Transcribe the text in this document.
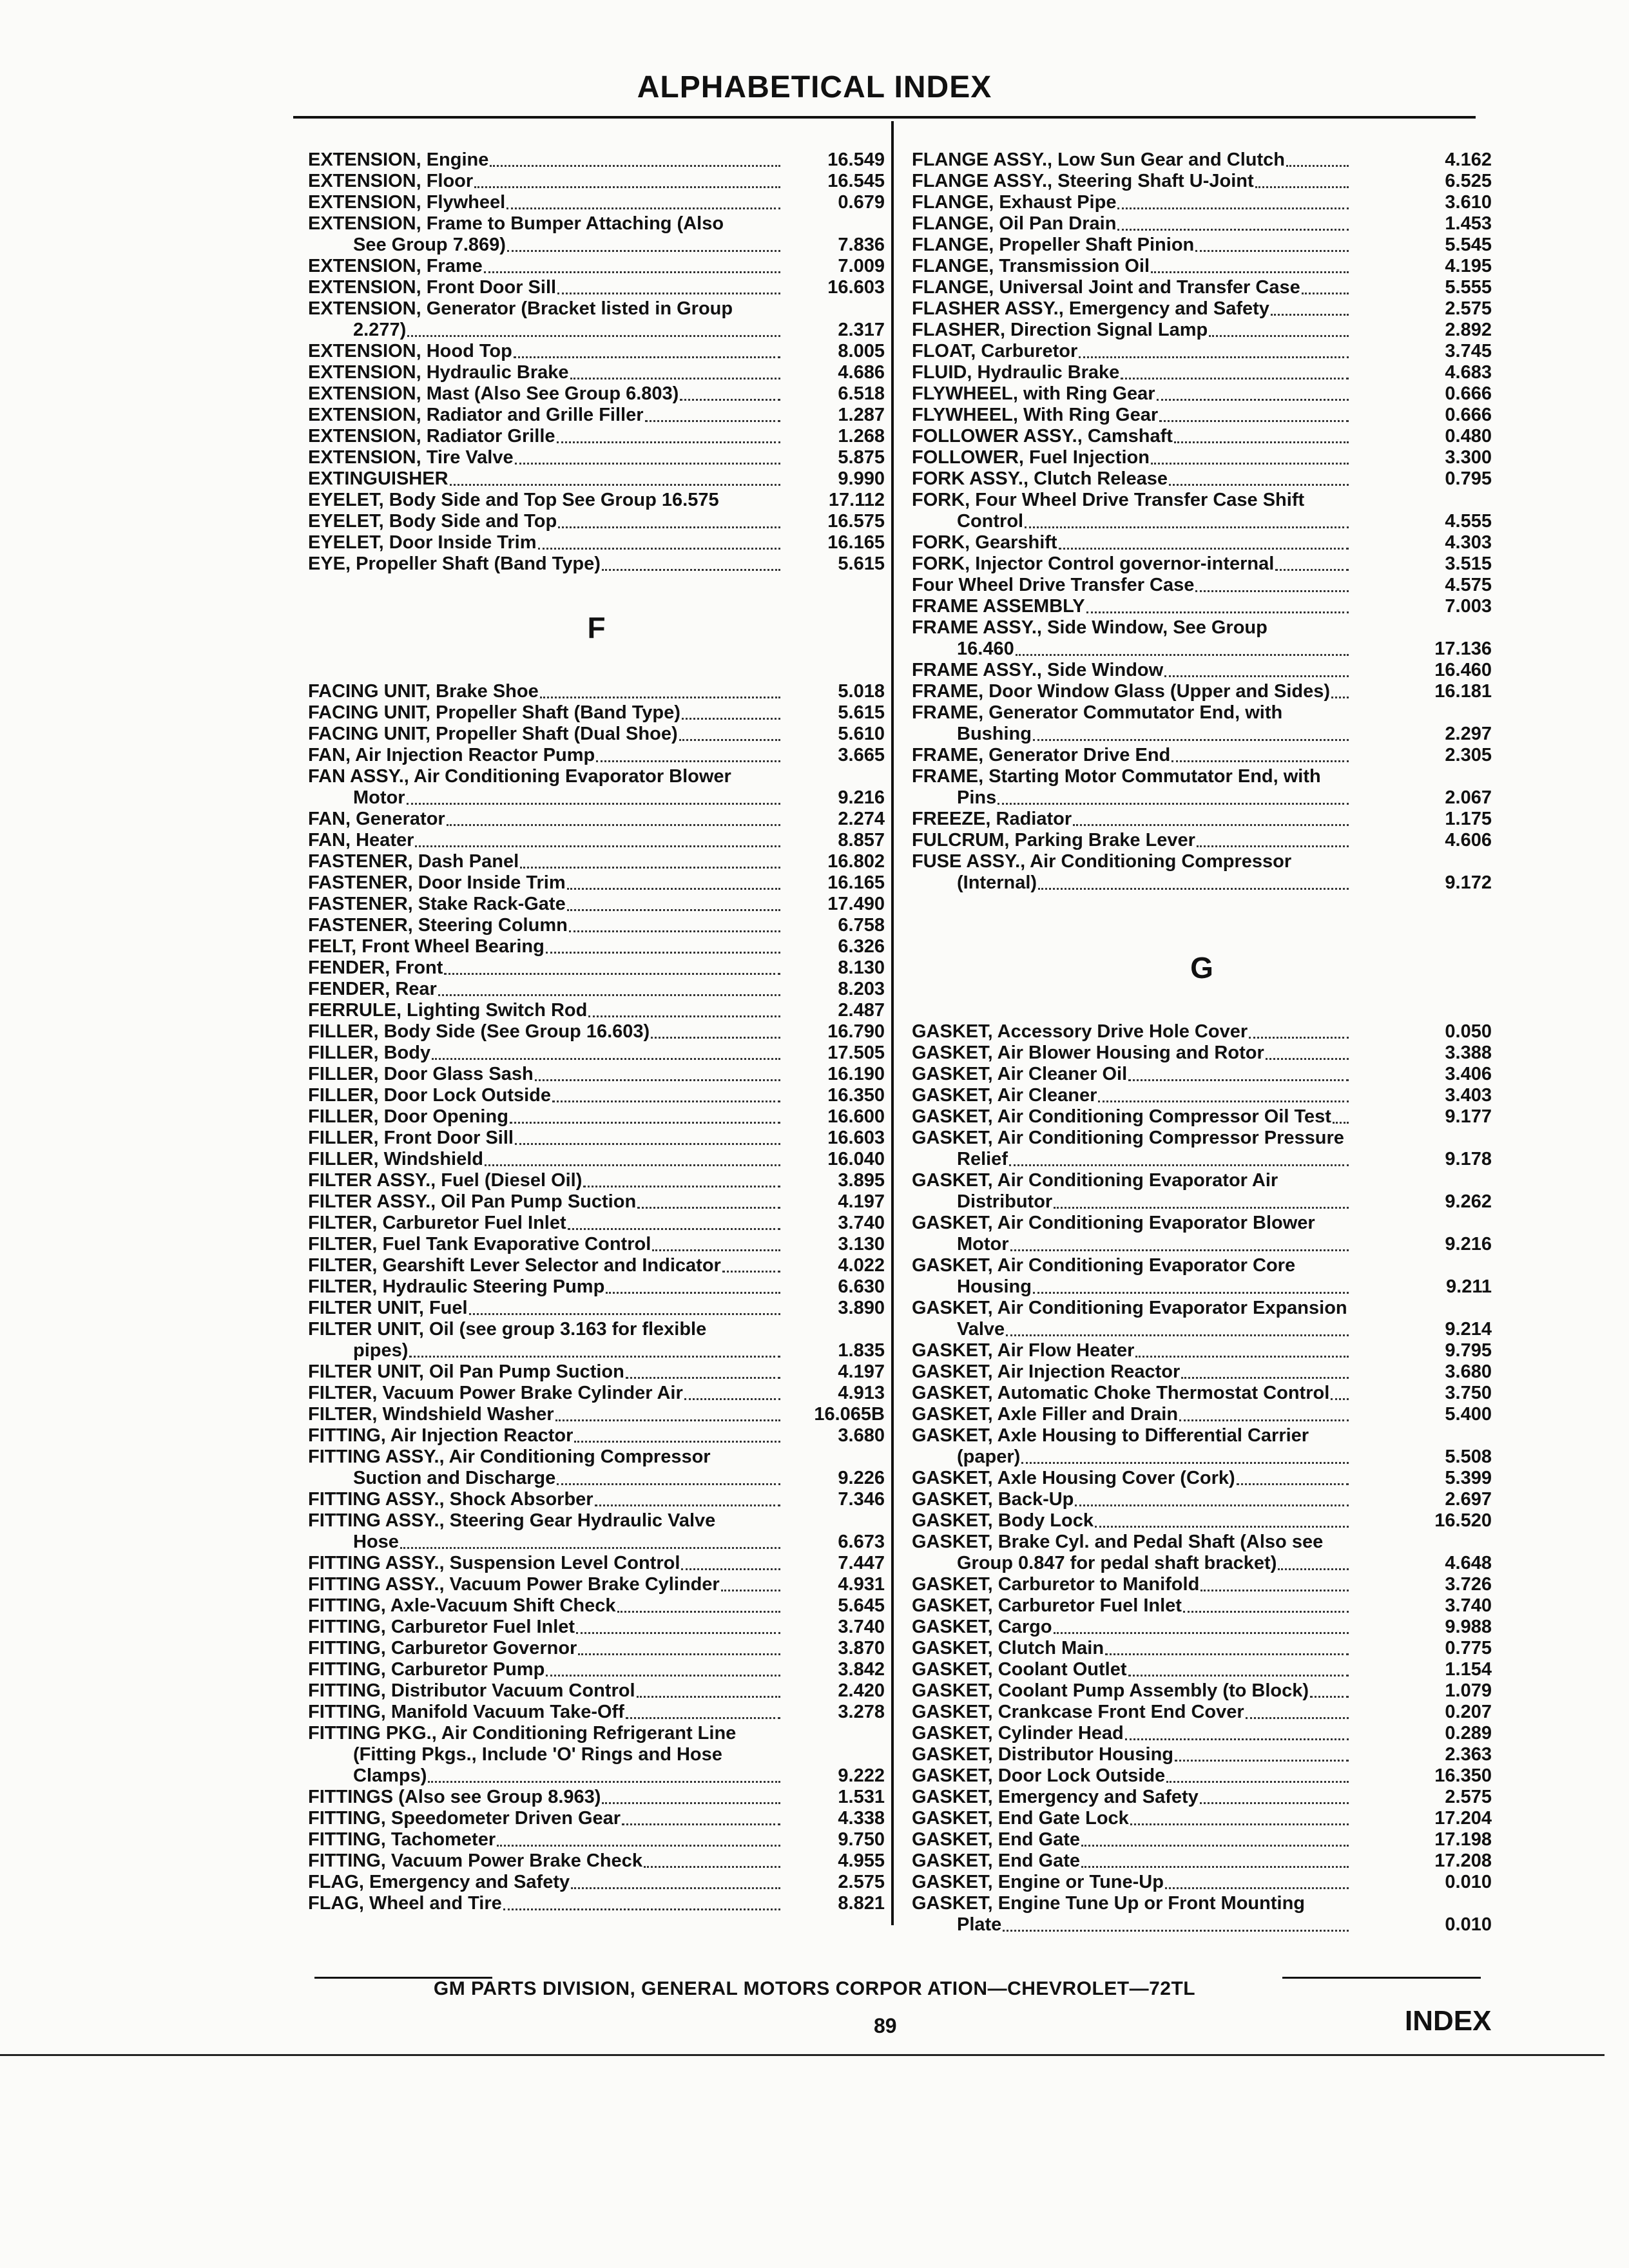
ALPHABETICAL INDEX
EXTENSION, Engine	16.549
EXTENSION, Floor	16.545
EXTENSION, Flywheel	0.679
EXTENSION, Frame to Bumper Attaching (Also
See Group 7.869)	7.836
EXTENSION, Frame	7.009
EXTENSION, Front Door Sill	16.603
EXTENSION, Generator (Bracket listed in Group
2.277)	2.317
EXTENSION, Hood Top	8.005
EXTENSION, Hydraulic Brake	4.686
EXTENSION, Mast (Also See Group 6.803)	6.518
EXTENSION, Radiator and Grille Filler	1.287
EXTENSION, Radiator Grille	1.268
EXTENSION, Tire Valve	5.875
EXTINGUISHER	9.990
EYELET, Body Side and Top See Group 16.575	17.112
EYELET, Body Side and Top	16.575
EYELET, Door Inside Trim	16.165
EYE, Propeller Shaft (Band Type)	5.615
F
FACING UNIT, Brake Shoe	5.018
FACING UNIT, Propeller Shaft (Band Type)	5.615
FACING UNIT, Propeller Shaft (Dual Shoe)	5.610
FAN, Air Injection Reactor Pump	3.665
FAN ASSY., Air Conditioning Evaporator Blower
Motor	9.216
FAN, Generator	2.274
FAN, Heater	8.857
FASTENER, Dash Panel	16.802
FASTENER, Door Inside Trim	16.165
FASTENER, Stake Rack-Gate	17.490
FASTENER, Steering Column	6.758
FELT, Front Wheel Bearing	6.326
FENDER, Front	8.130
FENDER, Rear	8.203
FERRULE, Lighting Switch Rod	2.487
FILLER, Body Side (See Group 16.603)	16.790
FILLER, Body	17.505
FILLER, Door Glass Sash	16.190
FILLER, Door Lock Outside	16.350
FILLER, Door Opening	16.600
FILLER, Front Door Sill	16.603
FILLER, Windshield	16.040
FILTER ASSY., Fuel (Diesel Oil)	3.895
FILTER ASSY., Oil Pan Pump Suction	4.197
FILTER, Carburetor Fuel Inlet	3.740
FILTER, Fuel Tank Evaporative Control	3.130
FILTER, Gearshift Lever Selector and Indicator	4.022
FILTER, Hydraulic Steering Pump	6.630
FILTER UNIT, Fuel	3.890
FILTER UNIT, Oil (see group 3.163 for flexible
pipes)	1.835
FILTER UNIT, Oil Pan Pump Suction	4.197
FILTER, Vacuum Power Brake Cylinder Air	4.913
FILTER, Windshield Washer	16.065B
FITTING, Air Injection Reactor	3.680
FITTING ASSY., Air Conditioning Compressor
Suction and Discharge	9.226
FITTING ASSY., Shock Absorber	7.346
FITTING ASSY., Steering Gear Hydraulic Valve
Hose	6.673
FITTING ASSY., Suspension Level Control	7.447
FITTING ASSY., Vacuum Power Brake Cylinder	4.931
FITTING, Axle-Vacuum Shift Check	5.645
FITTING, Carburetor Fuel Inlet	3.740
FITTING, Carburetor Governor	3.870
FITTING, Carburetor Pump	3.842
FITTING, Distributor Vacuum Control	2.420
FITTING, Manifold Vacuum Take-Off	3.278
FITTING PKG., Air Conditioning Refrigerant Line
(Fitting Pkgs., Include 'O' Rings and Hose
Clamps)	9.222
FITTINGS (Also see Group 8.963)	1.531
FITTING, Speedometer Driven Gear	4.338
FITTING, Tachometer	9.750
FITTING, Vacuum Power Brake Check	4.955
FLAG, Emergency and Safety	2.575
FLAG, Wheel and Tire	8.821
FLANGE ASSY., Low Sun Gear and Clutch	4.162
FLANGE ASSY., Steering Shaft U-Joint	6.525
FLANGE, Exhaust Pipe	3.610
FLANGE, Oil Pan Drain	1.453
FLANGE, Propeller Shaft Pinion	5.545
FLANGE, Transmission Oil	4.195
FLANGE, Universal Joint and Transfer Case	5.555
FLASHER ASSY., Emergency and Safety	2.575
FLASHER, Direction Signal Lamp	2.892
FLOAT, Carburetor	3.745
FLUID, Hydraulic Brake	4.683
FLYWHEEL, with Ring Gear	0.666
FLYWHEEL, With Ring Gear	0.666
FOLLOWER ASSY., Camshaft	0.480
FOLLOWER, Fuel Injection	3.300
FORK ASSY., Clutch Release	0.795
FORK, Four Wheel Drive Transfer Case Shift
Control	4.555
FORK, Gearshift	4.303
FORK, Injector Control governor-internal	3.515
Four Wheel Drive Transfer Case	4.575
FRAME ASSEMBLY	7.003
FRAME ASSY., Side Window, See Group
16.460	17.136
FRAME ASSY., Side Window	16.460
FRAME, Door Window Glass (Upper and Sides)	16.181
FRAME, Generator Commutator End, with
Bushing	2.297
FRAME, Generator Drive End	2.305
FRAME, Starting Motor Commutator End, with
Pins	2.067
FREEZE, Radiator	1.175
FULCRUM, Parking Brake Lever	4.606
FUSE ASSY., Air Conditioning Compressor
(Internal)	9.172
G
GASKET, Accessory Drive Hole Cover	0.050
GASKET, Air Blower Housing and Rotor	3.388
GASKET, Air Cleaner Oil	3.406
GASKET, Air Cleaner	3.403
GASKET, Air Conditioning Compressor Oil Test	9.177
GASKET, Air Conditioning Compressor Pressure
Relief	9.178
GASKET, Air Conditioning Evaporator Air
Distributor	9.262
GASKET, Air Conditioning Evaporator Blower
Motor	9.216
GASKET, Air Conditioning Evaporator Core
Housing	9.211
GASKET, Air Conditioning Evaporator Expansion
Valve	9.214
GASKET, Air Flow Heater	9.795
GASKET, Air Injection Reactor	3.680
GASKET, Automatic Choke Thermostat Control	3.750
GASKET, Axle Filler and Drain	5.400
GASKET, Axle Housing to Differential Carrier
(paper)	5.508
GASKET, Axle Housing Cover (Cork)	5.399
GASKET, Back-Up	2.697
GASKET, Body Lock	16.520
GASKET, Brake Cyl. and Pedal Shaft (Also see
Group 0.847 for pedal shaft bracket)	4.648
GASKET, Carburetor to Manifold	3.726
GASKET, Carburetor Fuel Inlet	3.740
GASKET, Cargo	9.988
GASKET, Clutch Main	0.775
GASKET, Coolant Outlet	1.154
GASKET, Coolant Pump Assembly (to Block)	1.079
GASKET, Crankcase Front End Cover	0.207
GASKET, Cylinder Head	0.289
GASKET, Distributor Housing	2.363
GASKET, Door Lock Outside	16.350
GASKET, Emergency and Safety	2.575
GASKET, End Gate Lock	17.204
GASKET, End Gate	17.198
GASKET, End Gate	17.208
GASKET, Engine or Tune-Up	0.010
GASKET, Engine Tune Up or Front Mounting
Plate	0.010
GM PARTS DIVISION, GENERAL MOTORS CORPOR ATION—CHEVROLET—72TL
89	INDEX
